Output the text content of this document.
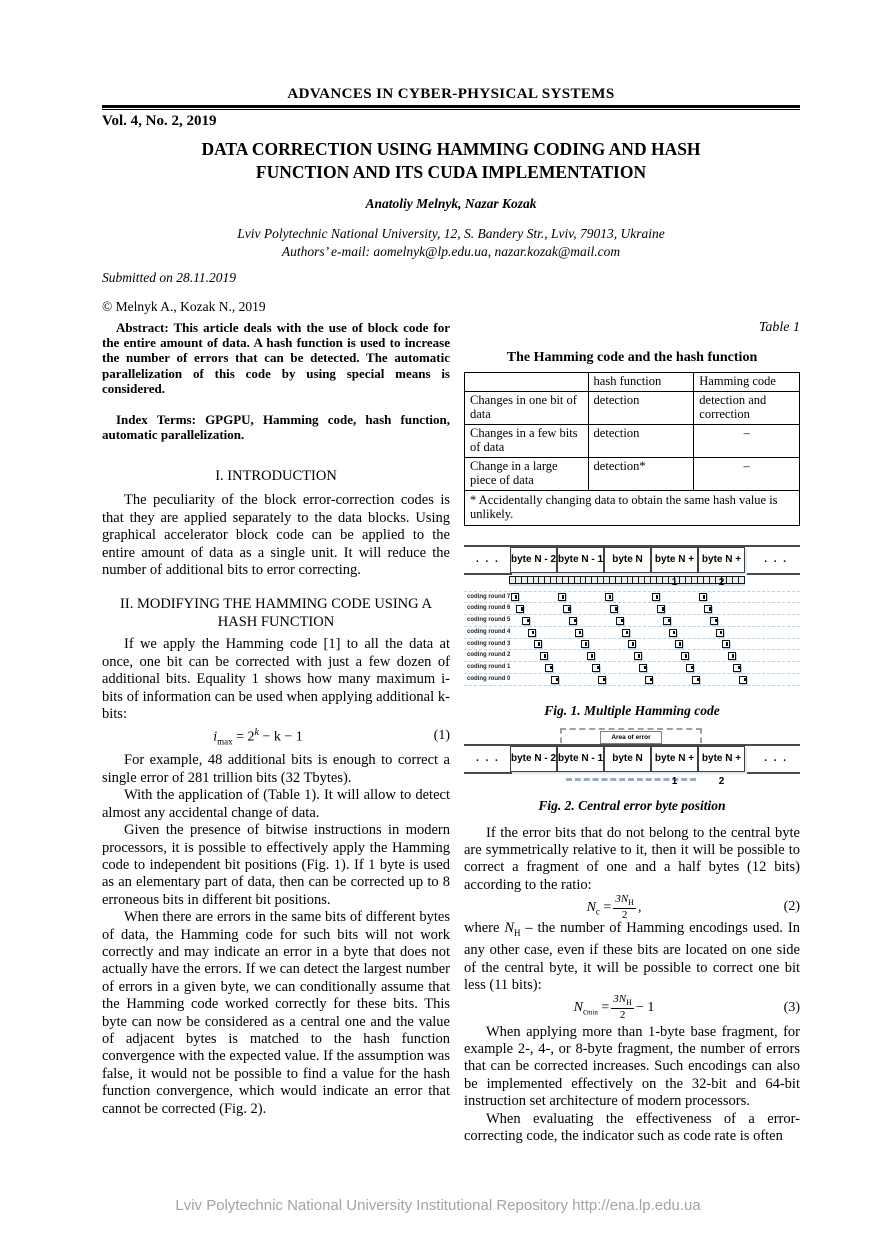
ADVANCES IN CYBER-PHYSICAL SYSTEMS
Vol. 4, No. 2, 2019
DATA CORRECTION USING HAMMING CODING AND HASH
FUNCTION AND ITS CUDA IMPLEMENTATION
Anatoliy Melnyk, Nazar Kozak
Lviv Polytechnic National University, 12, S. Bandery Str., Lviv, 79013, Ukraine
Authors’ e-mail: aomelnyk@lp.edu.ua, nazar.kozak@mail.com
Submitted on 28.11.2019
© Melnyk A., Kozak N., 2019

Abstract: This article deals with the use of block code for the entire amount of data. A hash function is used to increase the number of errors that can be detected. The automatic parallelization of this code by using special means is considered.

Index Terms: GPGPU, Hamming code, hash function, automatic parallelization.

I. INTRODUCTION

The peculiarity of the block error-correction codes is that they are applied separately to the data blocks. Using graphical accelerator block code can be applied to the entire amount of data as a single unit. It will reduce the number of additional bits to error correcting.

II. MODIFYING THE HAMMING CODE USING A HASH FUNCTION

If we apply the Hamming code [1] to all the data at once, one bit can be corrected with just a few dozen of additional bits. Equality 1 shows how many maximum i-bits of information can be used when applying additional k-bits:

$i_{max} = 2^k - k - 1$	(1)

For example, 48 additional bits is enough to correct a single error of 281 trillion bits (32 Tbytes).

With the application of (Table 1). It will allow to detect almost any accidental change of data.

Given the presence of bitwise instructions in modern processors, it is possible to effectively apply the Hamming code to independent bit positions (Fig. 1). If 1 byte is used as an elementary part of data, then can be corrected up to 8 erroneous bits in different bit positions.

When there are errors in the same bits of different bytes of data, the Hamming code for such bits will not work correctly and may indicate an error in a byte that does not actually have the errors. If we can detect the largest number of errors in a given byte, we can conditionally assume that the Hamming code worked correctly for these bits. This byte can now be considered as a central one and the value of adjacent bytes is matched to the hash function convergence with the expected value. If the assumption was false, it would not be possible to find a value for the hash function convergence, which would indicate an error that cannot be corrected (Fig. 2).

Table 1
The Hamming code and the hash function
	hash function	Hamming code
Changes in one bit of data	detection	detection and correction
Changes in a few bits of data	detection	–
Change in a large piece of data	detection*	–
* Accidentally changing data to obtain the same hash value is unlikely.		
coding round 7
coding round 6
coding round 5
coding round 4
coding round 3
coding round 2
coding round 1
coding round 0
. . . byte N - 2 byte N - 1 byte N	byte N + 1
byte N + 2
. . .
Fig. 1. Multiple Hamming code
Area of error
. . . byte N - 2 byte N - 1 byte N	byte N + 1
byte N + 2
. . .
Fig. 2. Central error byte position

If the error bits that do not belong to the central byte are symmetrically relative to it, then it will be possible to correct a fragment of one and a half bytes (12 bits) according to the ratio:

$N_c = \frac{3N_H}{2}$ ,	(2)

where $N_H$ – the number of Hamming encodings used. In any other case, even if these bits are located on one side of the central byte, it will be possible to correct one bit less (11 bits):

$N_{cmin} = \frac{3N_H}{2} - 1$	(3)

When applying more than 1-byte base fragment, for example 2-, 4-, or 8-byte fragment, the number of errors that can be corrected increases. Such encodings can also be implemented effectively on the 32-bit and 64-bit instruction set architecture of modern processors.

When evaluating the effectiveness of a error-correcting code, the indicator such as code rate is often

Lviv Polytechnic National University Institutional Repository http://ena.lp.edu.ua
